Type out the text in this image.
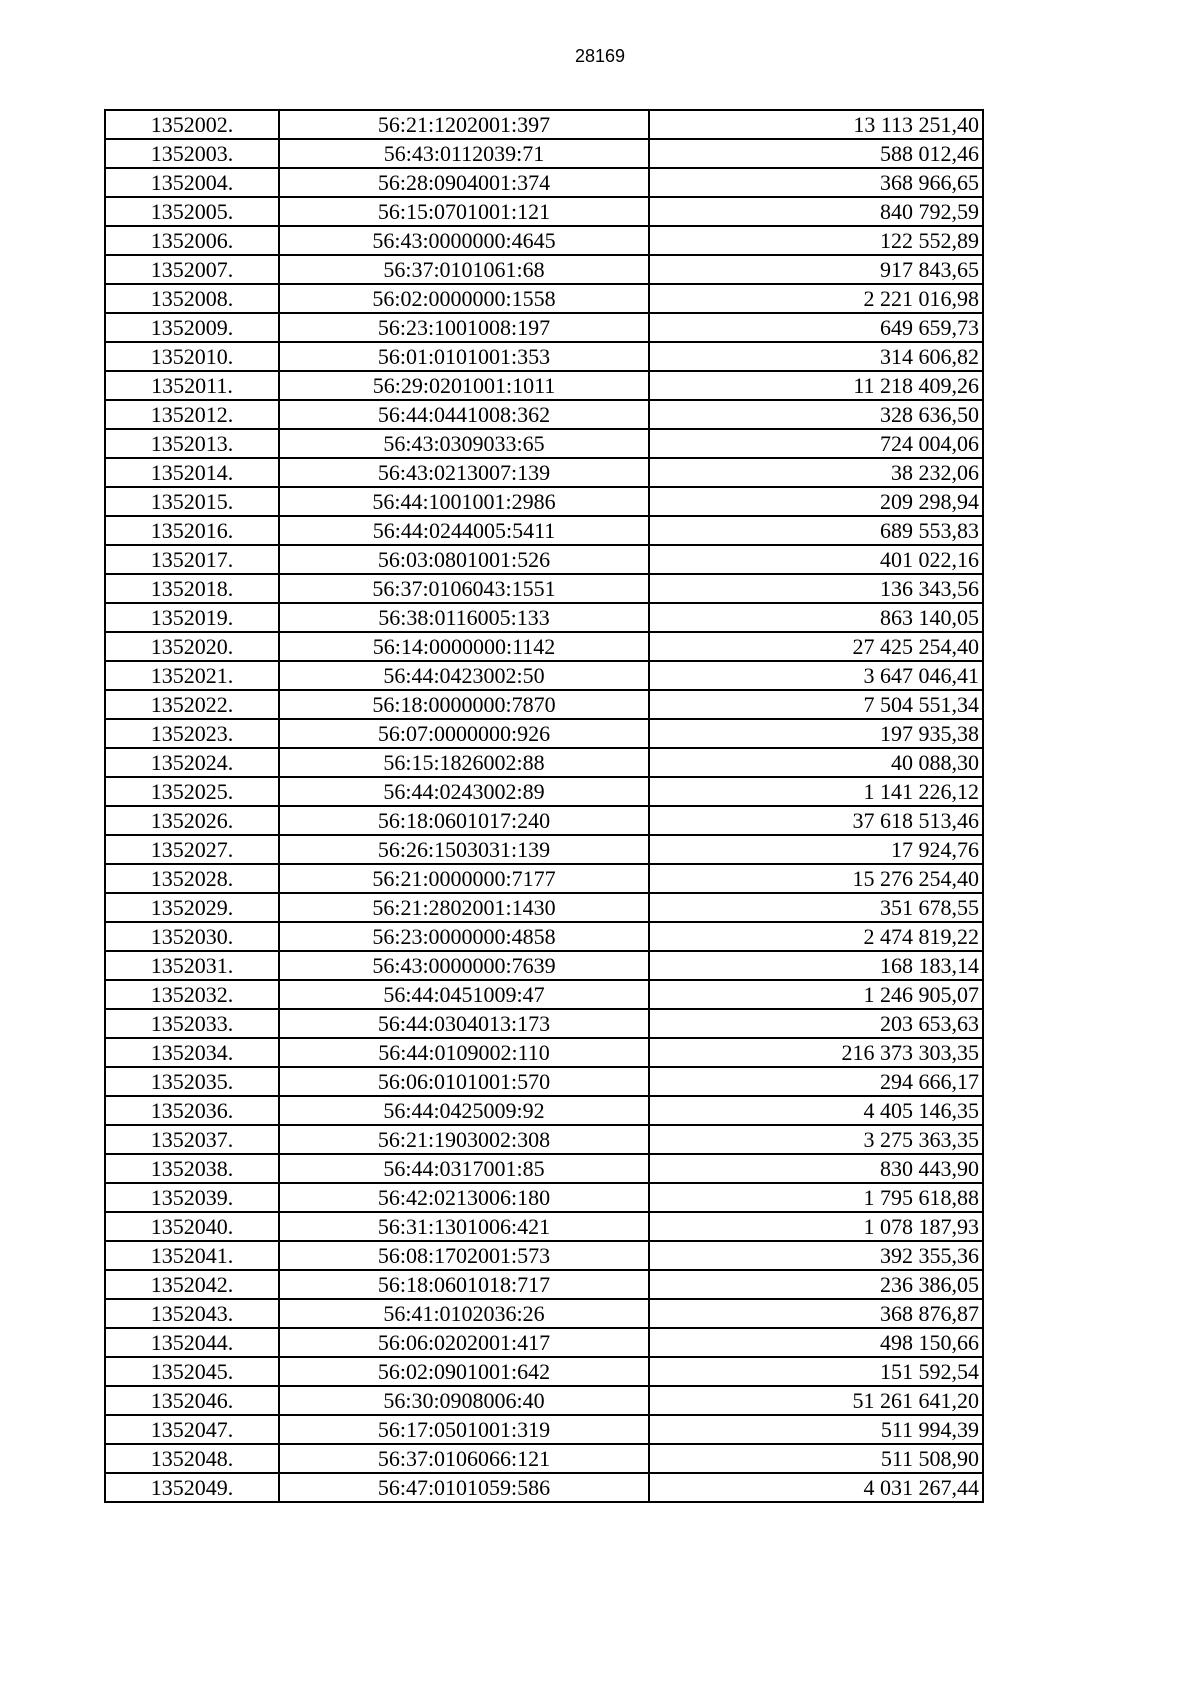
28169
1352002.	56:21:1202001:397	13 113 251,40
1352003.	56:43:0112039:71	588 012,46
1352004.	56:28:0904001:374	368 966,65
1352005.	56:15:0701001:121	840 792,59
1352006.	56:43:0000000:4645	122 552,89
1352007.	56:37:0101061:68	917 843,65
1352008.	56:02:0000000:1558	2 221 016,98
1352009.	56:23:1001008:197	649 659,73
1352010.	56:01:0101001:353	314 606,82
1352011.	56:29:0201001:1011	11 218 409,26
1352012.	56:44:0441008:362	328 636,50
1352013.	56:43:0309033:65	724 004,06
1352014.	56:43:0213007:139	38 232,06
1352015.	56:44:1001001:2986	209 298,94
1352016.	56:44:0244005:5411	689 553,83
1352017.	56:03:0801001:526	401 022,16
1352018.	56:37:0106043:1551	136 343,56
1352019.	56:38:0116005:133	863 140,05
1352020.	56:14:0000000:1142	27 425 254,40
1352021.	56:44:0423002:50	3 647 046,41
1352022.	56:18:0000000:7870	7 504 551,34
1352023.	56:07:0000000:926	197 935,38
1352024.	56:15:1826002:88	40 088,30
1352025.	56:44:0243002:89	1 141 226,12
1352026.	56:18:0601017:240	37 618 513,46
1352027.	56:26:1503031:139	17 924,76
1352028.	56:21:0000000:7177	15 276 254,40
1352029.	56:21:2802001:1430	351 678,55
1352030.	56:23:0000000:4858	2 474 819,22
1352031.	56:43:0000000:7639	168 183,14
1352032.	56:44:0451009:47	1 246 905,07
1352033.	56:44:0304013:173	203 653,63
1352034.	56:44:0109002:110	216 373 303,35
1352035.	56:06:0101001:570	294 666,17
1352036.	56:44:0425009:92	4 405 146,35
1352037.	56:21:1903002:308	3 275 363,35
1352038.	56:44:0317001:85	830 443,90
1352039.	56:42:0213006:180	1 795 618,88
1352040.	56:31:1301006:421	1 078 187,93
1352041.	56:08:1702001:573	392 355,36
1352042.	56:18:0601018:717	236 386,05
1352043.	56:41:0102036:26	368 876,87
1352044.	56:06:0202001:417	498 150,66
1352045.	56:02:0901001:642	151 592,54
1352046.	56:30:0908006:40	51 261 641,20
1352047.	56:17:0501001:319	511 994,39
1352048.	56:37:0106066:121	511 508,90
1352049.	56:47:0101059:586	4 031 267,44
